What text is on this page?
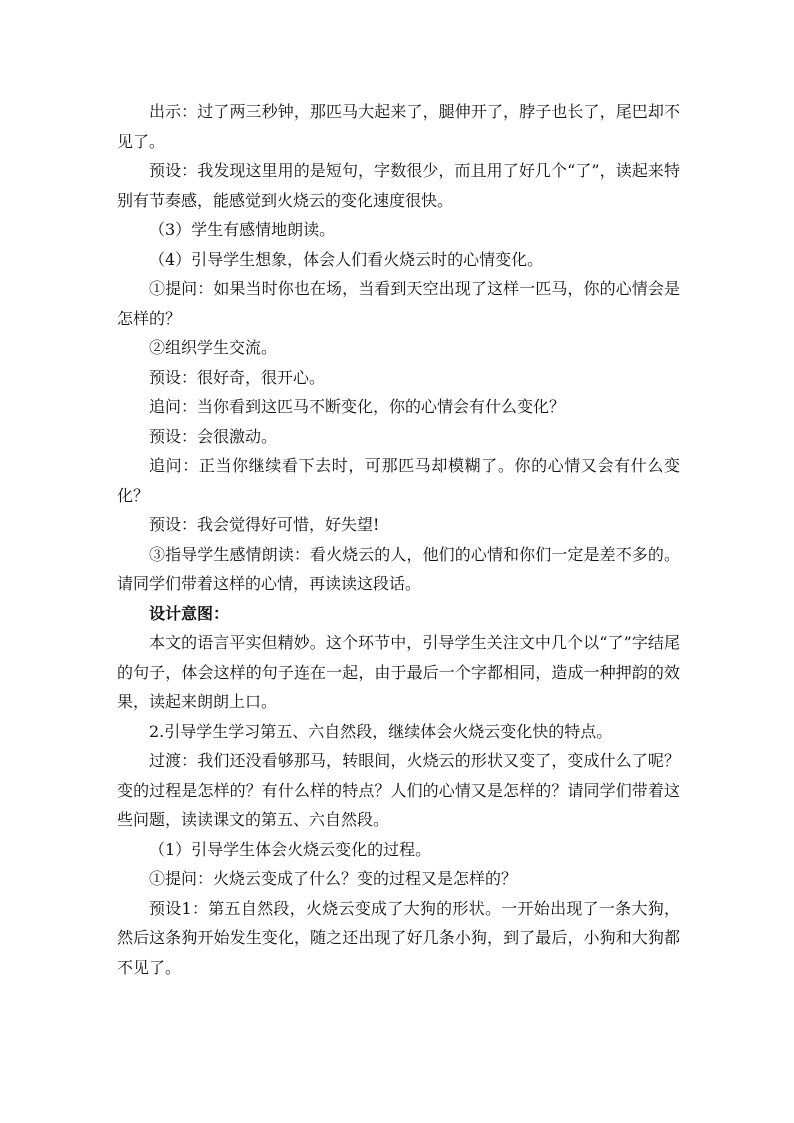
出示：过了两三秒钟，那匹马大起来了，腿伸开了，脖子也长了，尾巴却不见了。

预设：我发现这里用的是短句，字数很少，而且用了好几个“了”，读起来特别有节奏感，能感觉到火烧云的变化速度很快。

（3）学生有感情地朗读。

（4）引导学生想象，体会人们看火烧云时的心情变化。

①提问：如果当时你也在场，当看到天空出现了这样一匹马，你的心情会是怎样的？

②组织学生交流。

预设：很好奇，很开心。

追问：当你看到这匹马不断变化，你的心情会有什么变化？

预设：会很激动。

追问：正当你继续看下去时，可那匹马却模糊了。你的心情又会有什么变化？

预设：我会觉得好可惜，好失望!

③指导学生感情朗读：看火烧云的人，他们的心情和你们一定是差不多的。请同学们带着这样的心情，再读读这段话。

设计意图：

本文的语言平实但精妙。这个环节中，引导学生关注文中几个以“了”字结尾的句子，体会这样的句子连在一起，由于最后一个字都相同，造成一种押韵的效果，读起来朗朗上口。

2.引导学生学习第五、六自然段，继续体会火烧云变化快的特点。

过渡：我们还没看够那马，转眼间，火烧云的形状又变了，变成什么了呢？变的过程是怎样的？有什么样的特点？人们的心情又是怎样的？请同学们带着这些问题，读读课文的第五、六自然段。

（1）引导学生体会火烧云变化的过程。

①提问：火烧云变成了什么？变的过程又是怎样的？

预设1：第五自然段，火烧云变成了大狗的形状。一开始出现了一条大狗，然后这条狗开始发生变化，随之还出现了好几条小狗，到了最后，小狗和大狗都不见了。
